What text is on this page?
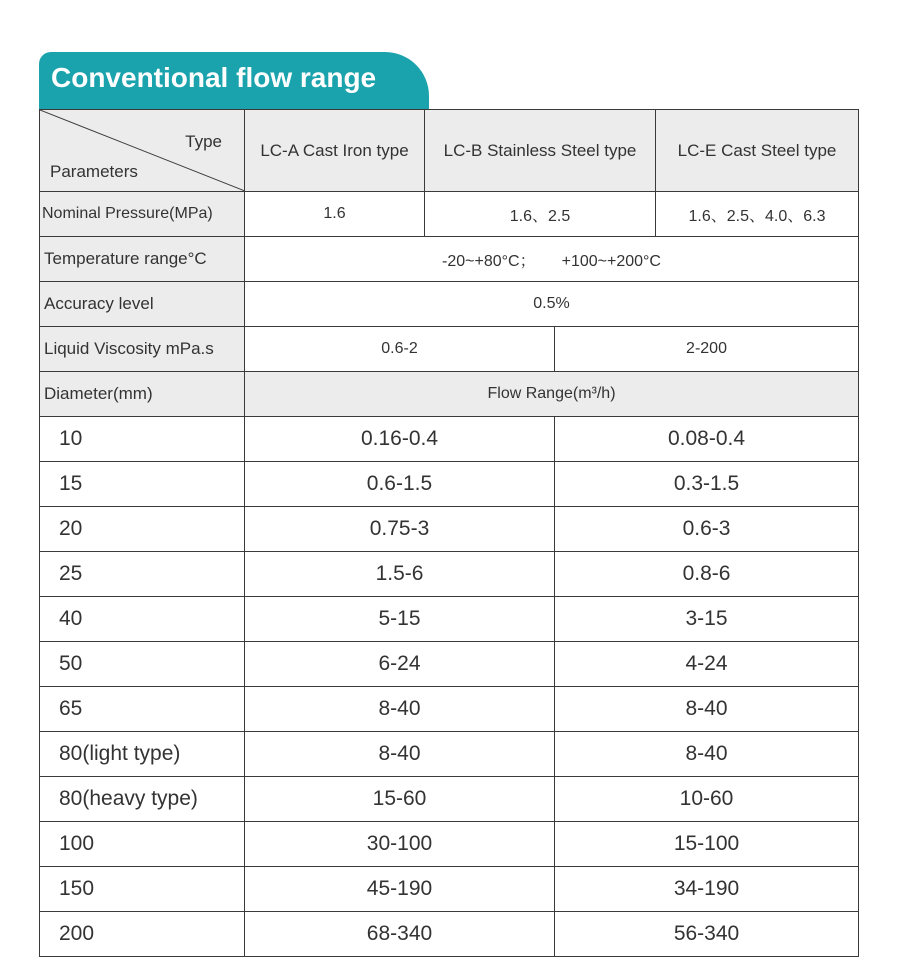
Conventional flow range
Type
Parameters	LC-A Cast Iron type	LC-B Stainless Steel type		LC-E Cast Steel type
Nominal Pressure(MPa)	1.6	1.6、2.5		1.6、2.5、4.0、6.3
Temperature range°C	-20~+80°C； +100~+200°C			
Accuracy level	0.5%			
Liquid Viscosity mPa.s	0.6-2		2-200	
Diameter(mm)	Flow Range(m³/h)			
10	0.16-0.4		0.08-0.4	
15	0.6-1.5		0.3-1.5	
20	0.75-3		0.6-3	
25	1.5-6		0.8-6	
40	5-15		3-15	
50	6-24		4-24	
65	8-40		8-40	
80(light type)	8-40		8-40	
80(heavy type)	15-60		10-60	
100	30-100		15-100	
150	45-190		34-190	
200	68-340		56-340	
